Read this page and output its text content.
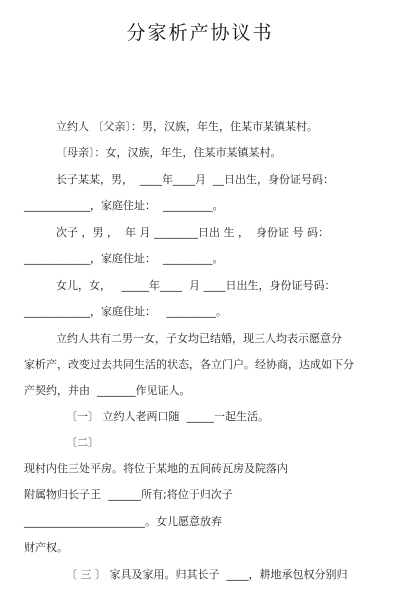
分家析产协议书
立约人 〔父亲〕：男，汉族，年生，住某市某镇某村。
〔母亲〕：女，汉族，年生，住某市某镇某村。
长子某某，男，  ____年____月  __日出生，身份证号码：
____________，家庭住址：  _________。
次子 ，男 ，  年 月 ________日出 生 ，  身份证 号 码：
____________，家庭住址：  _________。
女儿，女，   _____年____  月 ____日出生，身份证号码：
____________，家庭住址：   _________。
立约人共有二男一女，子女均已结婚，现三人均表示愿意分
家析产，改变过去共同生活的状态，各立门户。经协商，达成如下分
产契约，并由  _______作见证人。
〔一〕 立约人老两口随  _____一起生活。
〔二〕
现村内住三处平房。将位于某地的五间砖瓦房及院落内
附属物归长子王  ______所有;将位于归次子
______________________。女儿愿意放弃
财产权。
〔 三 〕 家具及家用。归其长子  ____，耕地承包权分别归
